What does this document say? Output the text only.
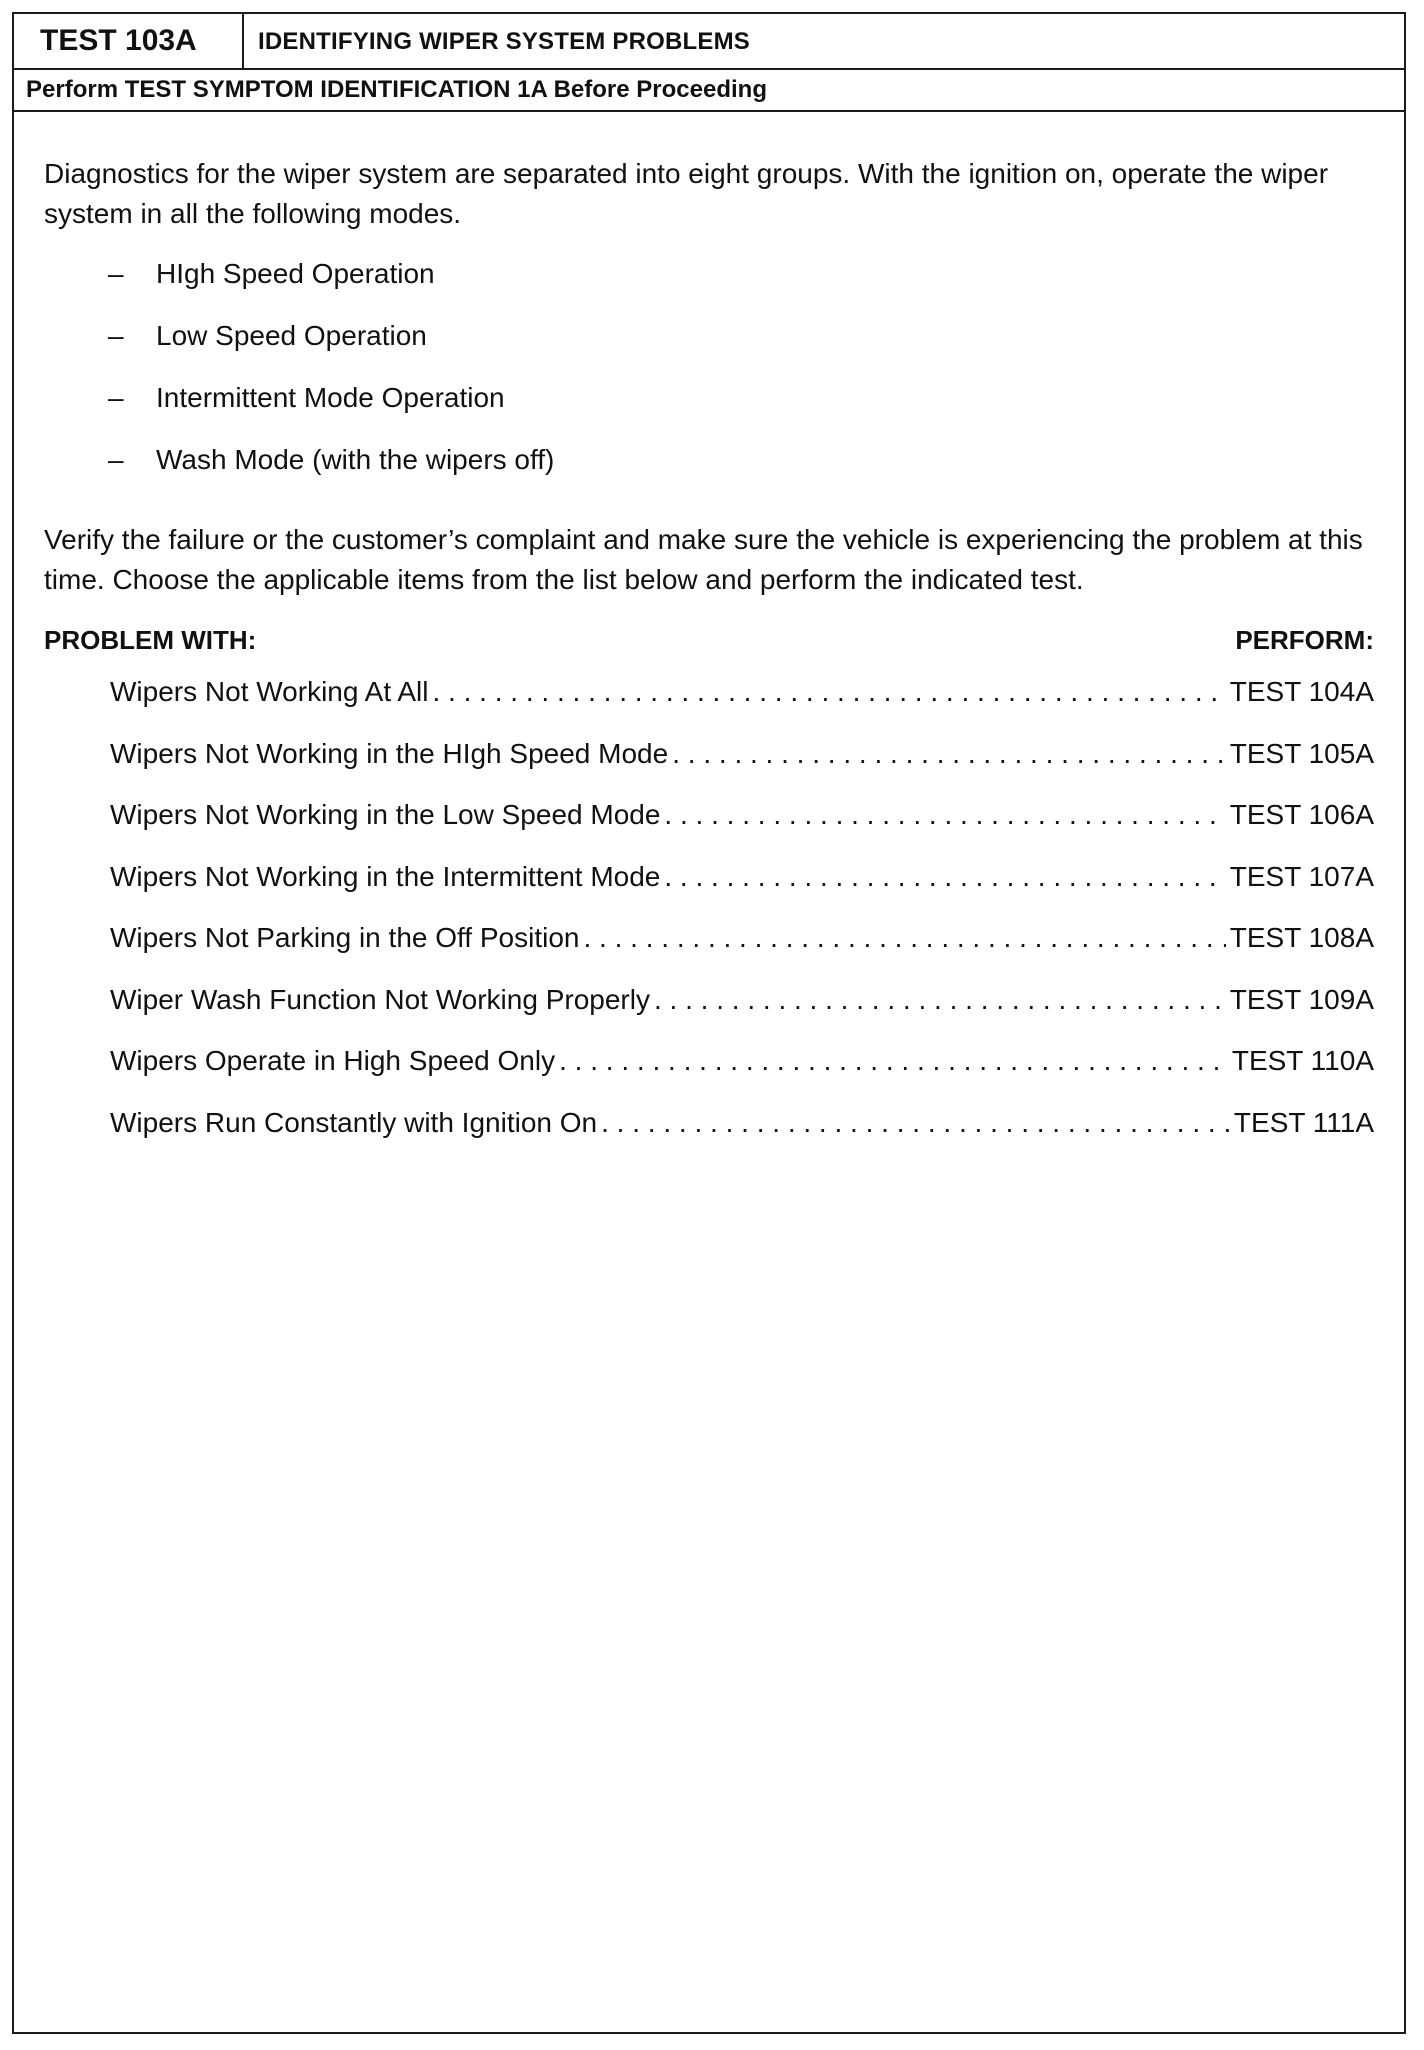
TEST 103A	IDENTIFYING WIPER SYSTEM PROBLEMS
Perform TEST SYMPTOM IDENTIFICATION 1A Before Proceeding

Diagnostics for the wiper system are separated into eight groups. With the ignition on, operate the wiper system in all the following modes.

– HIgh Speed Operation
– Low Speed Operation
– Intermittent Mode Operation
– Wash Mode (with the wipers off)

Verify the failure or the customer’s complaint and make sure the vehicle is experiencing the problem at this time. Choose the applicable items from the list below and perform the indicated test.

PROBLEM WITH:	PERFORM:
Wipers Not Working At All . . .	TEST 104A
Wipers Not Working in the HIgh Speed Mode . . .	TEST 105A
Wipers Not Working in the Low Speed Mode . . .	TEST 106A
Wipers Not Working in the Intermittent Mode . . .	TEST 107A
Wipers Not Parking in the Off Position . . .	TEST 108A
Wiper Wash Function Not Working Properly . . .	TEST 109A
Wipers Operate in High Speed Only . . .	TEST 110A
Wipers Run Constantly with Ignition On . . .	TEST 111A
